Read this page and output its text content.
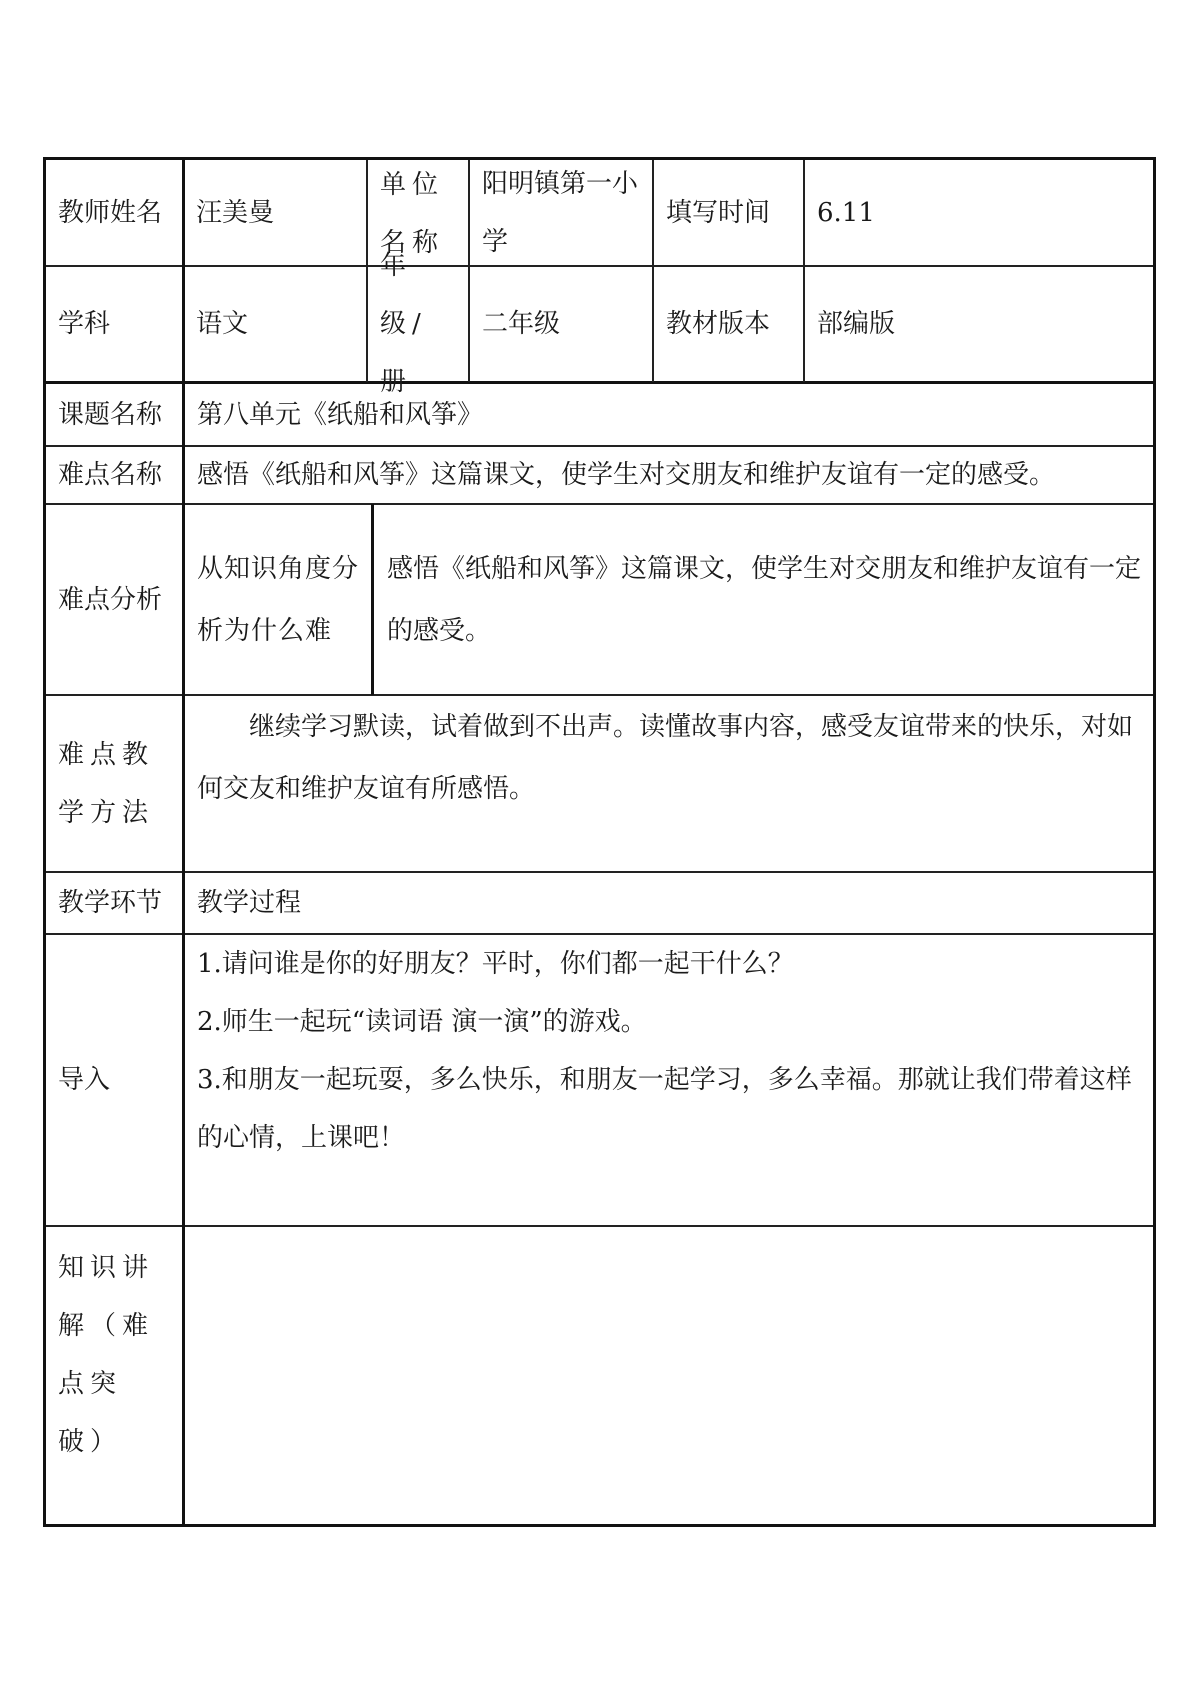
教师姓名 汪美曼
单位名称
阳明镇第一小学
填写时间 6.11
学科	语文
年级/册
二年级	教材版本 部编版
课题名称 第八单元《纸船和风筝》
难点名称 感悟《纸船和风筝》这篇课文，使学生对交朋友和维护友谊有一定的感受。
难点分析
从知识角度分析为什么难
感悟《纸船和风筝》这篇课文，使学生对交朋友和维护友谊有一定的感受。
难点教学方法
继续学习默读，试着做到不出声。读懂故事内容，感受友谊带来的快乐，对如何交友和维护友谊有所感悟。
教学环节 教学过程
导入

1.请问谁是你的好朋友？平时，你们都一起干什么？

2.师生一起玩“读词语 演一演”的游戏。

3.和朋友一起玩耍，多么快乐，和朋友一起学习，多么幸福。那就让我们带着这样的心情，上课吧！

知识讲解（难点突破）
